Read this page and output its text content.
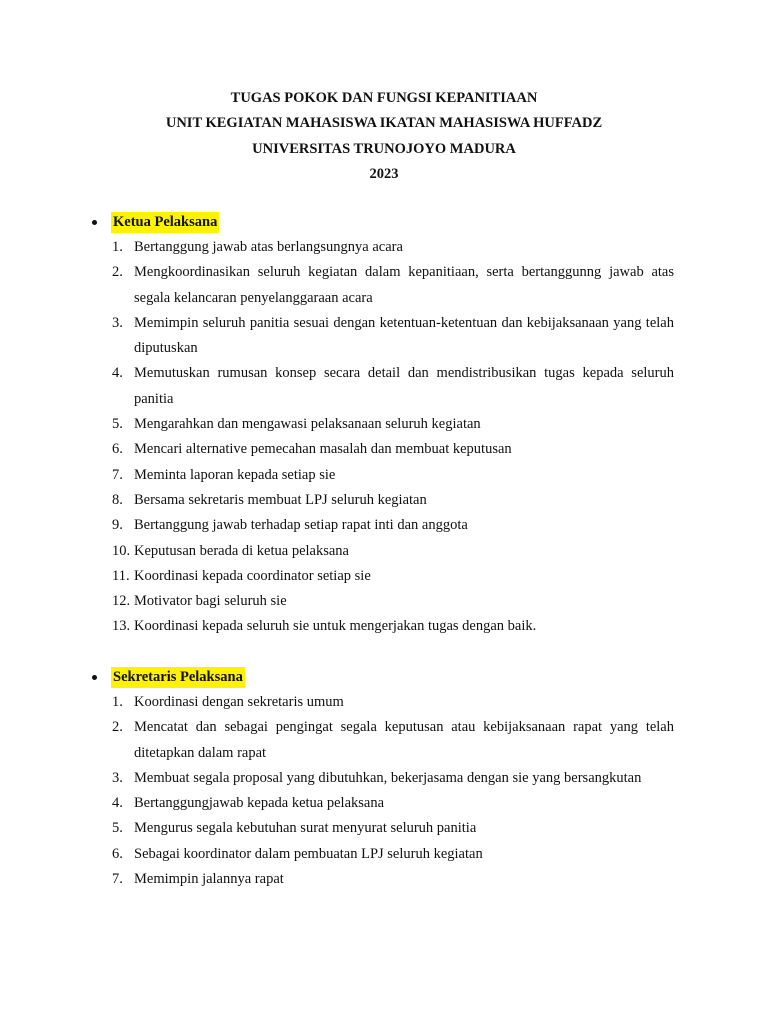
TUGAS POKOK DAN FUNGSI KEPANITIAAN
UNIT KEGIATAN MAHASISWA IKATAN MAHASISWA HUFFADZ
UNIVERSITAS TRUNOJOYO MADURA
2023
Ketua Pelaksana
1. Bertanggung jawab atas berlangsungnya acara
2. Mengkoordinasikan seluruh kegiatan dalam kepanitiaan, serta bertanggunng jawab atas segala kelancaran penyelanggaraan acara
3. Memimpin seluruh panitia sesuai dengan ketentuan-ketentuan dan kebijaksanaan yang telah diputuskan
4. Memutuskan rumusan konsep secara detail dan mendistribusikan tugas kepada seluruh panitia
5. Mengarahkan dan mengawasi pelaksanaan seluruh kegiatan
6. Mencari alternative pemecahan masalah dan membuat keputusan
7. Meminta laporan kepada setiap sie
8. Bersama sekretaris membuat LPJ seluruh kegiatan
9. Bertanggung jawab terhadap setiap rapat inti dan anggota
10. Keputusan berada di ketua pelaksana
11. Koordinasi kepada coordinator setiap sie
12. Motivator bagi seluruh sie
13. Koordinasi kepada seluruh sie untuk mengerjakan tugas dengan baik.
Sekretaris Pelaksana
1. Koordinasi dengan sekretaris umum
2. Mencatat dan sebagai pengingat segala keputusan atau kebijaksanaan rapat yang telah ditetapkan dalam rapat
3. Membuat segala proposal yang dibutuhkan, bekerjasama dengan sie yang bersangkutan
4. Bertanggungjawab kepada ketua pelaksana
5. Mengurus segala kebutuhan surat menyurat seluruh panitia
6. Sebagai koordinator dalam pembuatan LPJ seluruh kegiatan
7. Memimpin jalannya rapat
